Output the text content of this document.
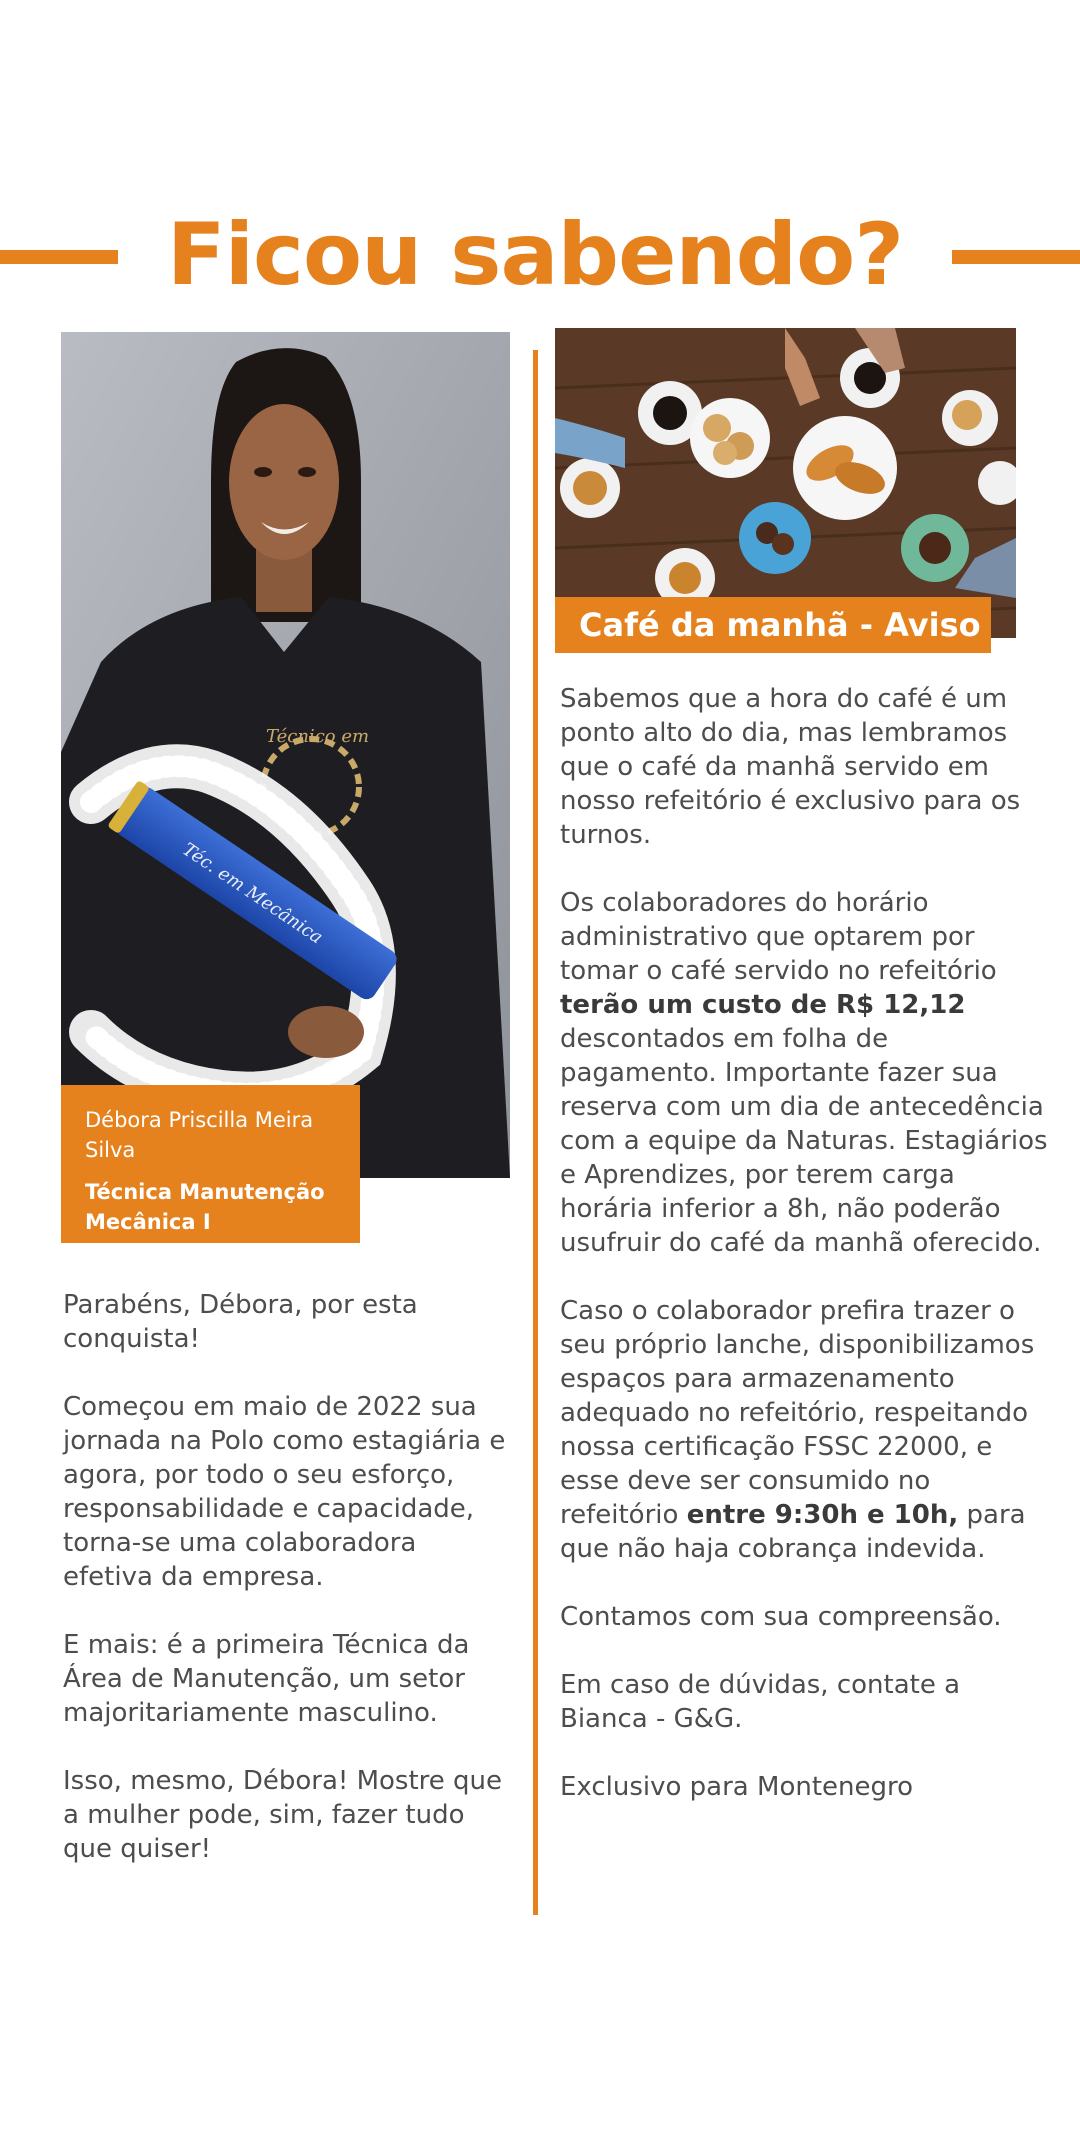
Ficou sabendo?
Técnico em
Téc. em Mecânica

Débora Priscilla Meira Silva

Técnica Manutenção Mecânica I

Parabéns, Débora, por esta conquista!

Começou em maio de 2022 sua jornada na Polo como estagiária e agora, por todo o seu esforço, responsabilidade e capacidade, torna-se uma colaboradora efetiva da empresa.

E mais: é a primeira Técnica da Área de Manutenção, um setor majoritariamente masculino.

Isso, mesmo, Débora! Mostre que a mulher pode, sim, fazer tudo que quiser!

Café da manhã - Aviso

Sabemos que a hora do café é um ponto alto do dia, mas lembramos que o café da manhã servido em nosso refeitório é exclusivo para os turnos.

Os colaboradores do horário administrativo que optarem por tomar o café servido no refeitório terão um custo de R$ 12,12 descontados em folha de pagamento. Importante fazer sua reserva com um dia de antecedência com a equipe da Naturas. Estagiários e Aprendizes, por terem carga horária inferior a 8h, não poderão usufruir do café da manhã oferecido.

Caso o colaborador prefira trazer o seu próprio lanche, disponibilizamos espaços para armazenamento adequado no refeitório, respeitando nossa certificação FSSC 22000, e esse deve ser consumido no refeitório entre 9:30h e 10h, para que não haja cobrança indevida.

Contamos com sua compreensão.

Em caso de dúvidas, contate a Bianca - G&G.

Exclusivo para Montenegro
